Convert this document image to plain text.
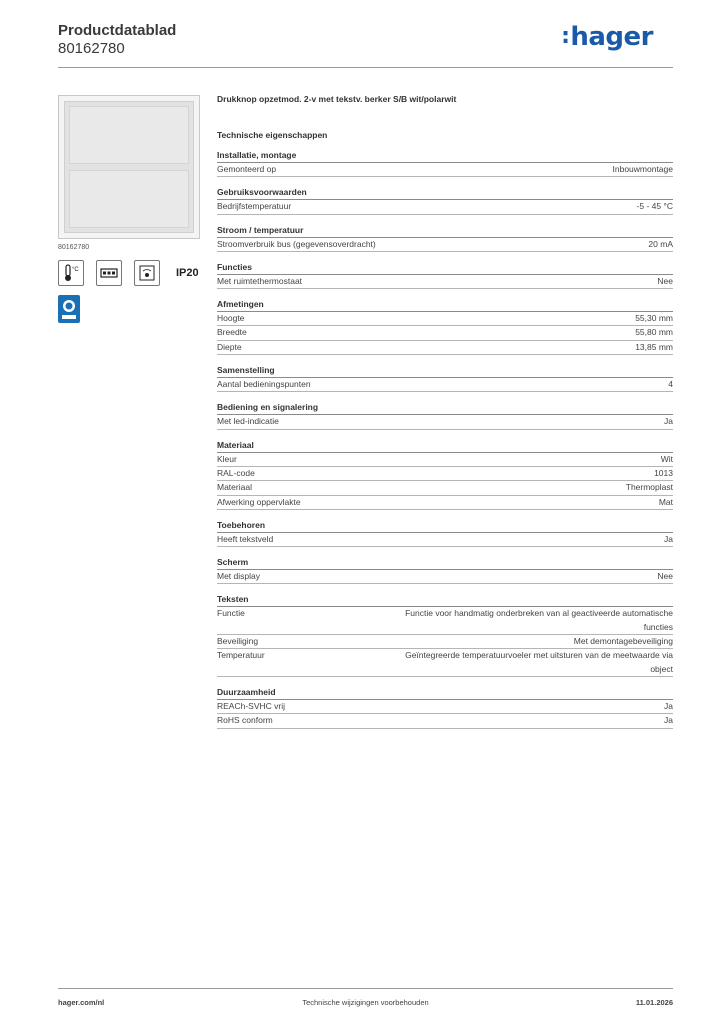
Productdatablad
80162780	:hager
80162780
°C	IP20
Drukknop opzetmod. 2-v met tekstv. berker S/B wit/polarwit
Technische eigenschappen
Installatie, montage
Gemonteerd op	Inbouwmontage
Gebruiksvoorwaarden
Bedrijfstemperatuur	-5 - 45 °C
Stroom / temperatuur
Stroomverbruik bus (gegevensoverdracht)	20 mA
Functies
Met ruimtethermostaat	Nee
Afmetingen
Hoogte	55,30 mm
Breedte	55,80 mm
Diepte	13,85 mm
Samenstelling
Aantal bedieningspunten	4
Bediening en signalering
Met led-indicatie	Ja
Materiaal
Kleur	Wit
RAL-code	1013
Materiaal	Thermoplast
Afwerking oppervlakte	Mat
Toebehoren
Heeft tekstveld	Ja
Scherm
Met display	Nee
Teksten
Functie	Functie voor handmatig onderbreken van al geactiveerde automatische functies
Beveiliging	Met demontagebeveiliging
Temperatuur	Geïntegreerde temperatuurvoeler met uitsturen van de meetwaarde via object
Duurzaamheid
REACh-SVHC vrij	Ja
RoHS conform	Ja
hager.com/nl	Technische wijzigingen voorbehouden	11.01.2026
